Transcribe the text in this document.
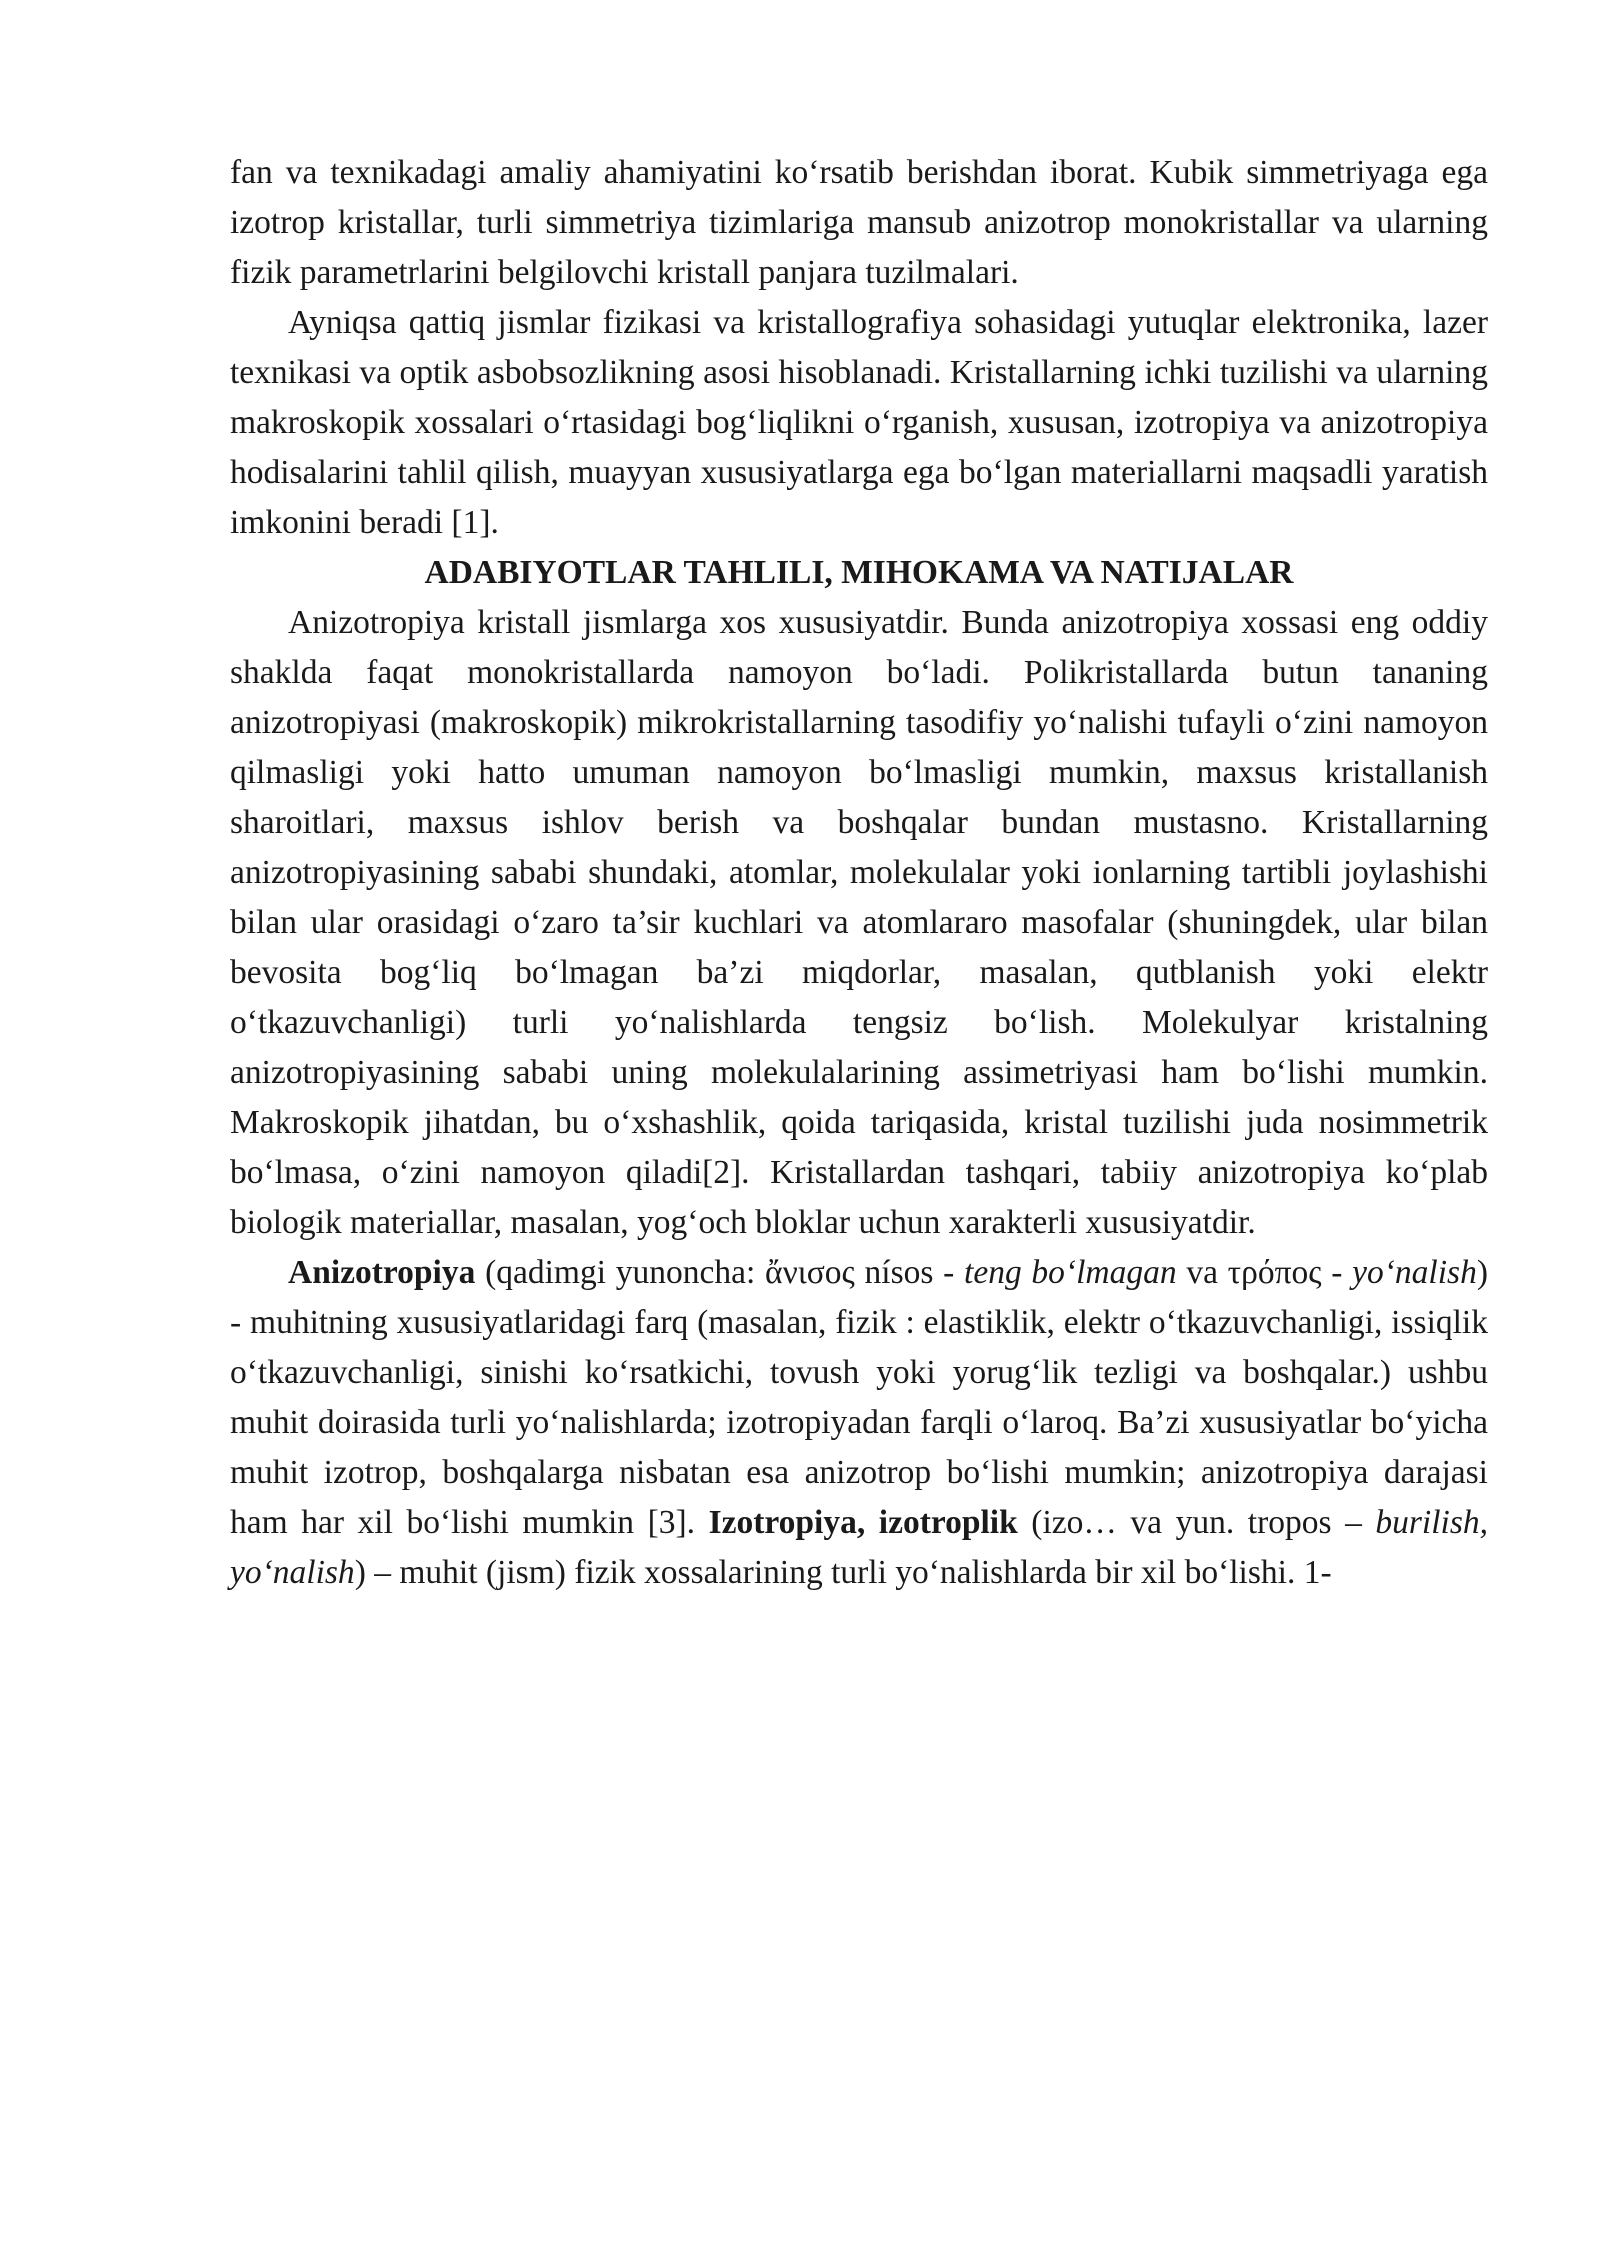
fan va texnikadagi amaliy ahamiyatini ko‘rsatib berishdan iborat. Kubik simmetriyaga ega izotrop kristallar, turli simmetriya tizimlariga mansub anizotrop monokristallar va ularning fizik parametrlarini belgilovchi kristall panjara tuzilmalari.

Ayniqsa qattiq jismlar fizikasi va kristallografiya sohasidagi yutuqlar elektronika, lazer texnikasi va optik asbobsozlikning asosi hisoblanadi. Kristallarning ichki tuzilishi va ularning makroskopik xossalari o‘rtasidagi bog‘liqlikni o‘rganish, xususan, izotropiya va anizotropiya hodisalarini tahlil qilish, muayyan xususiyatlarga ega bo‘lgan materiallarni maqsadli yaratish imkonini beradi [1].

ADABIYOTLAR TAHLILI, MIHOKAMA VA NATIJALAR

Anizotropiya kristall jismlarga xos xususiyatdir. Bunda anizotropiya xossasi eng oddiy shaklda faqat monokristallarda namoyon bo‘ladi. Polikristallarda butun tananing anizotropiyasi (makroskopik) mikrokristallarning tasodifiy yo‘nalishi tufayli o‘zini namoyon qilmasligi yoki hatto umuman namoyon bo‘lmasligi mumkin, maxsus kristallanish sharoitlari, maxsus ishlov berish va boshqalar bundan mustasno. Kristallarning anizotropiyasining sababi shundaki, atomlar, molekulalar yoki ionlarning tartibli joylashishi bilan ular orasidagi o‘zaro ta’sir kuchlari va atomlararo masofalar (shuningdek, ular bilan bevosita bog‘liq bo‘lmagan ba’zi miqdorlar, masalan, qutblanish yoki elektr o‘tkazuvchanligi) turli yo‘nalishlarda tengsiz bo‘lish. Molekulyar kristalning anizotropiyasining sababi uning molekulalarining assimetriyasi ham bo‘lishi mumkin. Makroskopik jihatdan, bu o‘xshashlik, qoida tariqasida, kristal tuzilishi juda nosimmetrik bo‘lmasa, o‘zini namoyon qiladi[2]. Kristallardan tashqari, tabiiy anizotropiya ko‘plab biologik materiallar, masalan, yog‘och bloklar uchun xarakterli xususiyatdir.

Anizotropiya (qadimgi yunoncha: ἄνισος nísos - teng bo‘lmagan va τρόπος - yo‘nalish) - muhitning xususiyatlaridagi farq (masalan, fizik : elastiklik, elektr o‘tkazuvchanligi, issiqlik o‘tkazuvchanligi, sinishi ko‘rsatkichi, tovush yoki yorug‘lik tezligi va boshqalar.) ushbu muhit doirasida turli yo‘nalishlarda; izotropiyadan farqli o‘laroq. Ba’zi xususiyatlar bo‘yicha muhit izotrop, boshqalarga nisbatan esa anizotrop bo‘lishi mumkin; anizotropiya darajasi ham har xil bo‘lishi mumkin [3]. Izotropiya, izotroplik (izo… va yun. tropos – burilish, yo‘nalish) – muhit (jism) fizik xossalarining turli yo‘nalishlarda bir xil bo‘lishi. 1-
